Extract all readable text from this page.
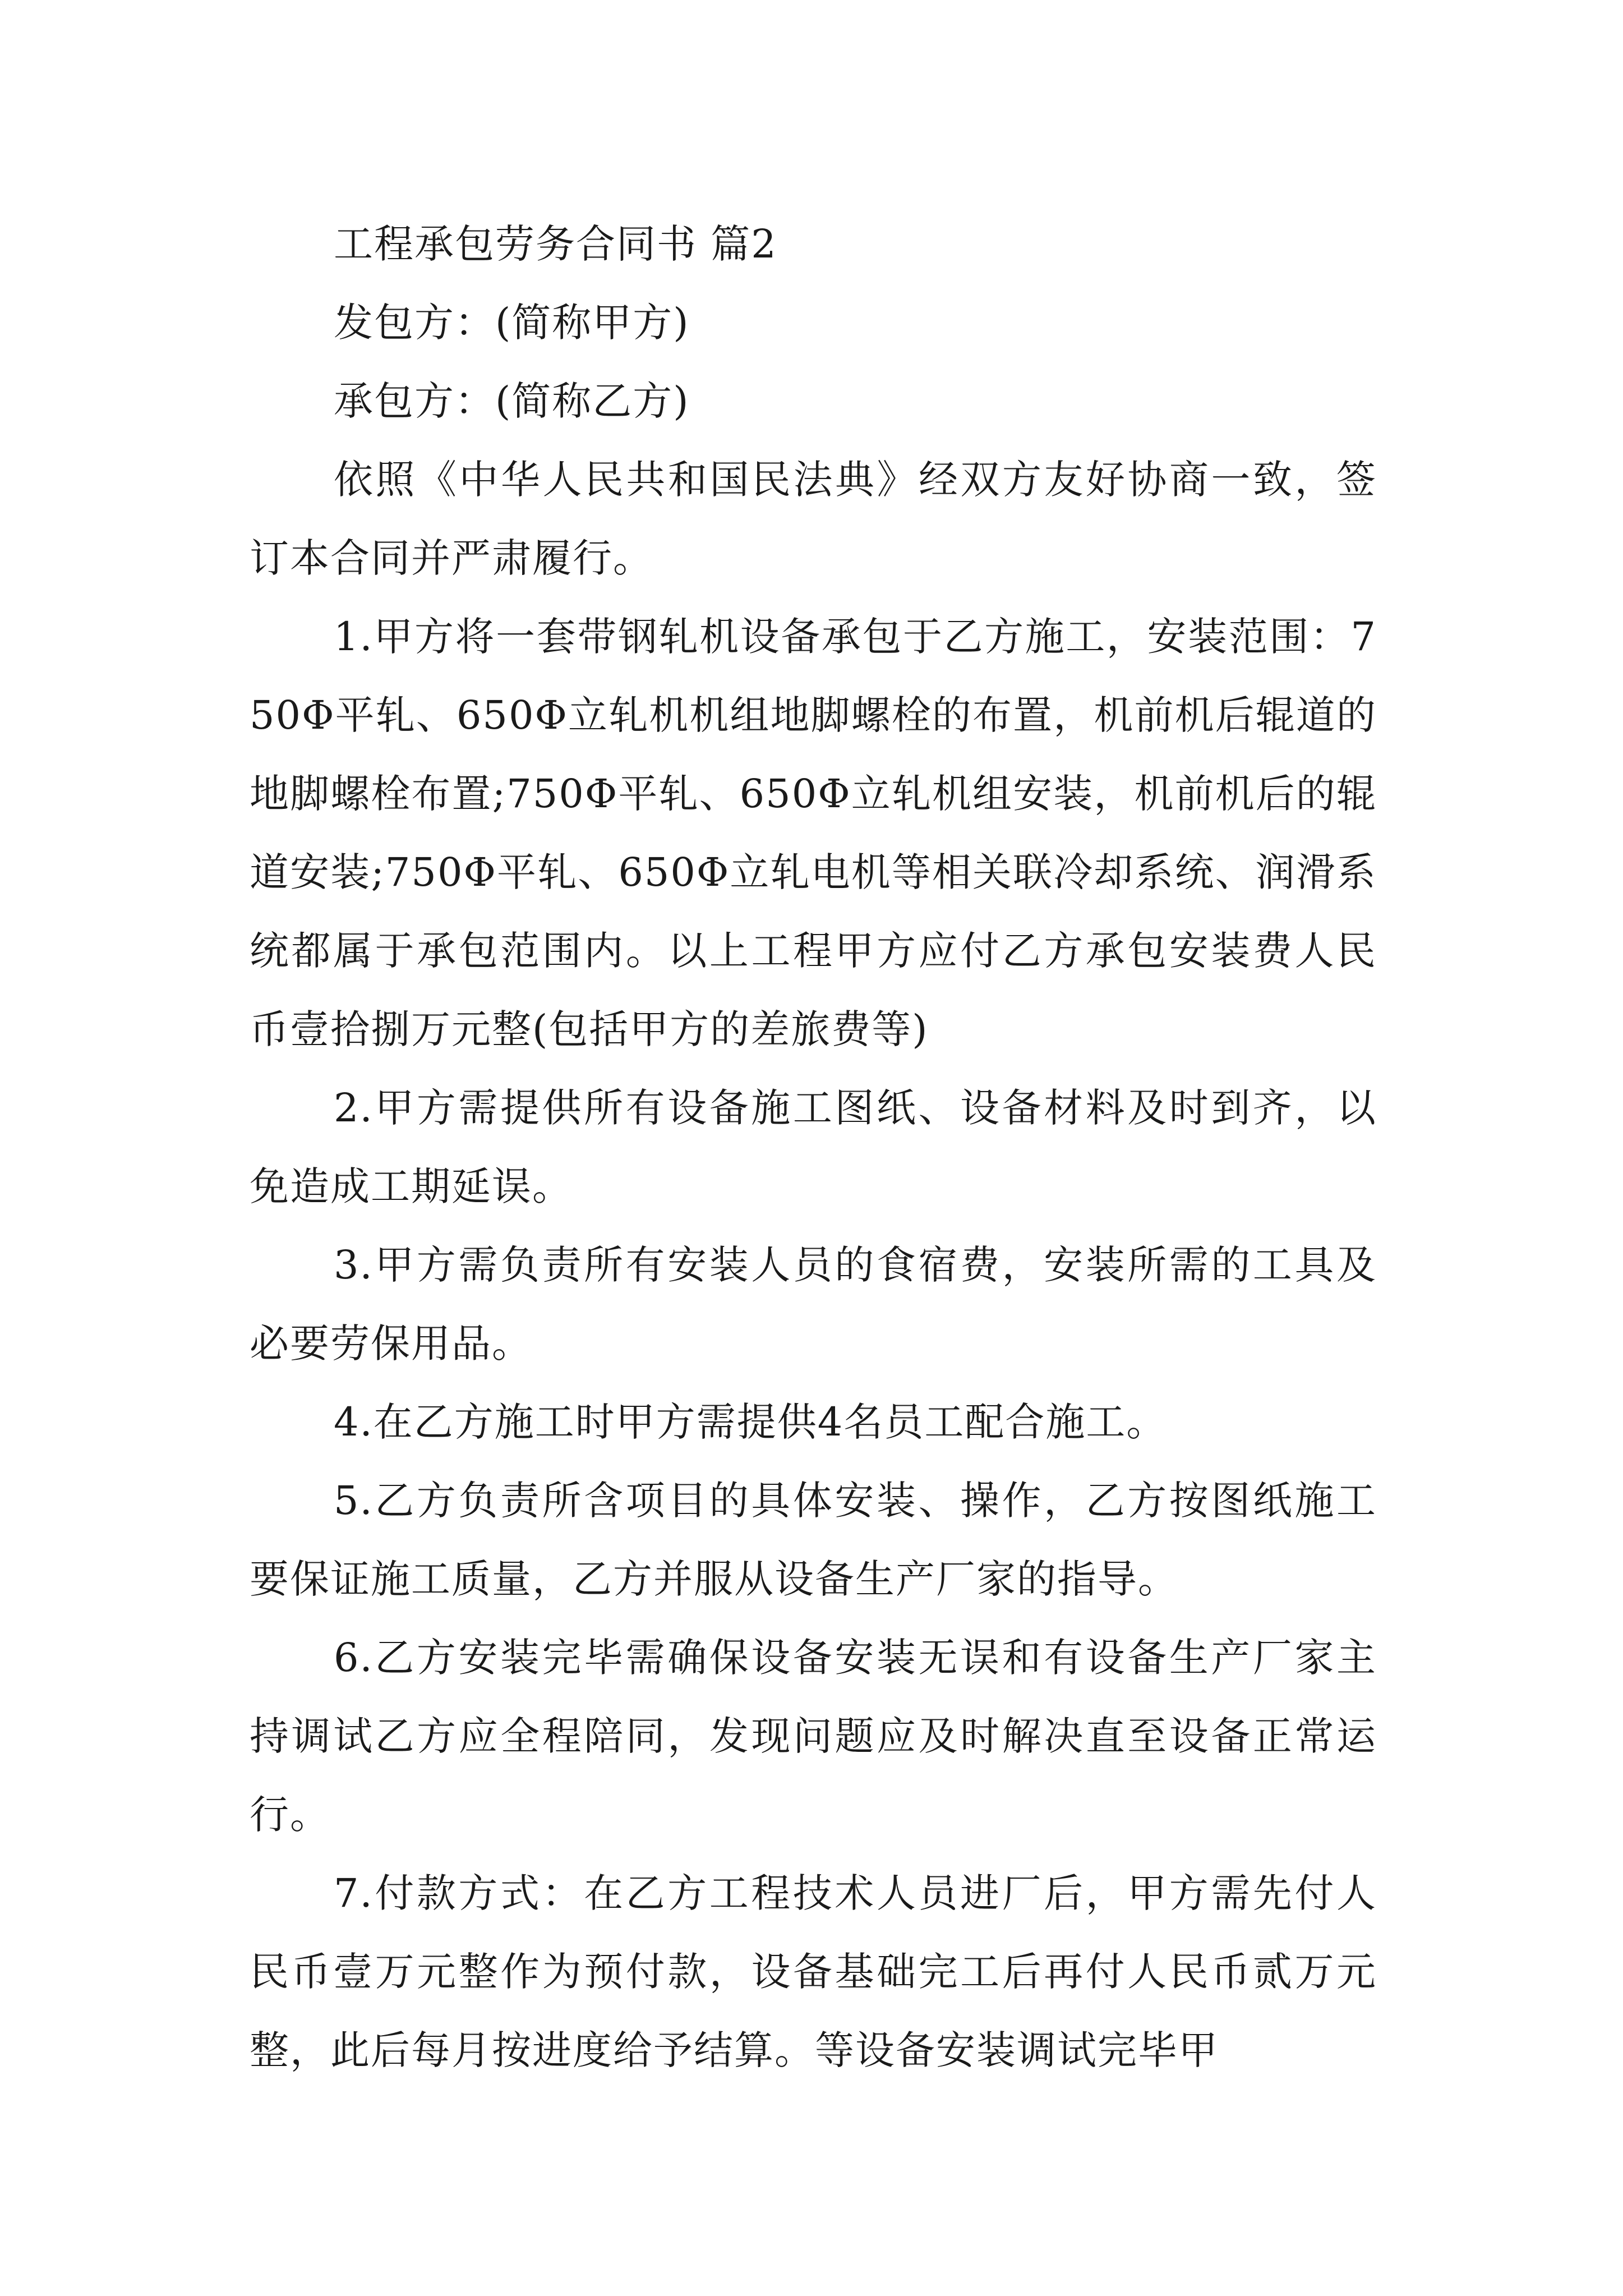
工程承包劳务合同书 篇2

发包方：(简称甲方)

承包方：(简称乙方)

依照《中华人民共和国民法典》经双方友好协商一致，签订本合同并严肃履行。

1.甲方将一套带钢轧机设备承包于乙方施工，安装范围：750Φ平轧、650Φ立轧机机组地脚螺栓的布置，机前机后辊道的地脚螺栓布置;750Φ平轧、650Φ立轧机组安装，机前机后的辊道安装;750Φ平轧、650Φ立轧电机等相关联冷却系统、润滑系统都属于承包范围内。以上工程甲方应付乙方承包安装费人民币壹拾捌万元整(包括甲方的差旅费等)

2.甲方需提供所有设备施工图纸、设备材料及时到齐，以免造成工期延误。

3.甲方需负责所有安装人员的食宿费，安装所需的工具及必要劳保用品。

4.在乙方施工时甲方需提供4名员工配合施工。

5.乙方负责所含项目的具体安装、操作，乙方按图纸施工要保证施工质量，乙方并服从设备生产厂家的指导。

6.乙方安装完毕需确保设备安装无误和有设备生产厂家主持调试乙方应全程陪同，发现问题应及时解决直至设备正常运行。

7.付款方式：在乙方工程技术人员进厂后，甲方需先付人民币壹万元整作为预付款，设备基础完工后再付人民币贰万元整，此后每月按进度给予结算。等设备安装调试完毕甲
